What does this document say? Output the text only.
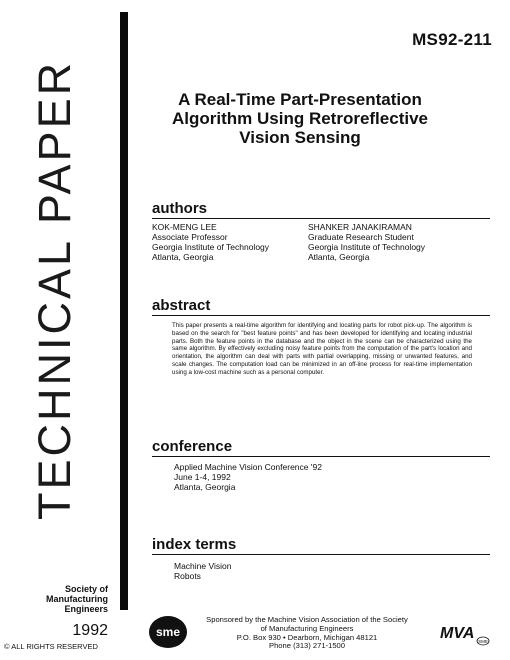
TECHNICAL PAPER
Society of
Manufacturing
Engineers
1992
© ALL RIGHTS RESERVED
MS92-211
A Real-Time Part-Presentation
Algorithm Using Retroreflective
Vision Sensing
authors
KOK-MENG LEE
Associate Professor
Georgia Institute of Technology
Atlanta, Georgia
SHANKER JANAKIRAMAN
Graduate Research Student
Georgia Institute of Technology
Atlanta, Georgia
abstract
This paper presents a real-time algorithm for identifying and locating parts for robot pick-up. The algorithm is based on the search for "best feature points" and has been developed for identifying and locating industrial parts. Both the feature points in the database and the object in the scene can be characterized using the same algorithm. By effectively excluding noisy feature points from the computation of the part's location and orientation, the algorithm can deal with parts with partial overlapping, missing or unwanted features, and scale changes. The computation load can be minimized in an off-line process for real-time implementation using a low-cost machine such as a personal computer.
conference
Applied Machine Vision Conference '92
June 1-4, 1992
Atlanta, Georgia
index terms
Machine Vision
Robots
sme
Sponsored by the Machine Vision Association of the Society
of Manufacturing Engineers
P.O. Box 930 • Dearborn, Michigan 48121
Phone (313) 271-1500
MVA SME
